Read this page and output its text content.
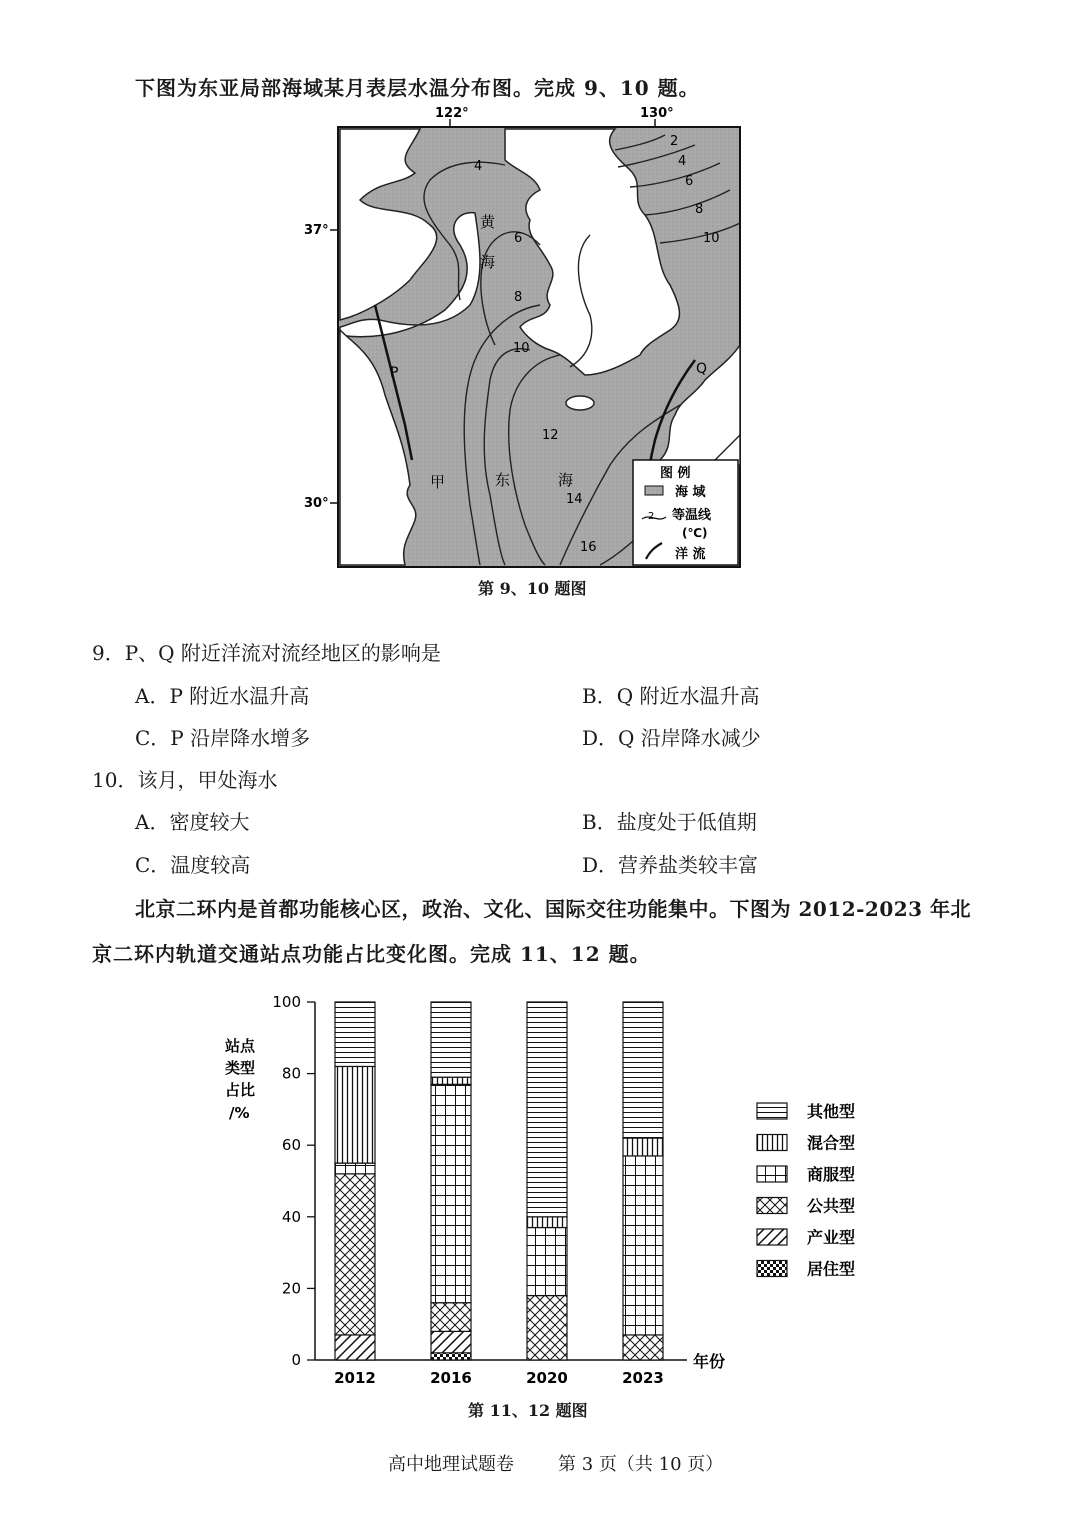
下图为东亚局部海域某月表层水温分布图。完成 9、10 题。
122°	130°
37°
30°
黄
海
东	海
P	Q
甲
2
4
4
6
6
8
10
8
10
12
14
16
图 例
海 域
2 等温线
(℃)
洋 流
第 9、10 题图
9．P、Q 附近洋流对流经地区的影响是
A．P 附近水温升高	B．Q 附近水温升高
C．P 沿岸降水增多	D．Q 沿岸降水减少
10．该月，甲处海水
A．密度较大	B．盐度处于低值期
C．温度较高	D．营养盐类较丰富
北京二环内是首都功能核心区，政治、文化、国际交往功能集中。下图为 2012-2023 年北
京二环内轨道交通站点功能占比变化图。完成 11、12 题。
站点
类型
占比
/%
年份
0
20
40
60
80
100
2012	2016	2020	2023
其他型
混合型
商服型
公共型
产业型
居住型
第 11、12 题图
高中地理试题卷 第 3 页（共 10 页）
